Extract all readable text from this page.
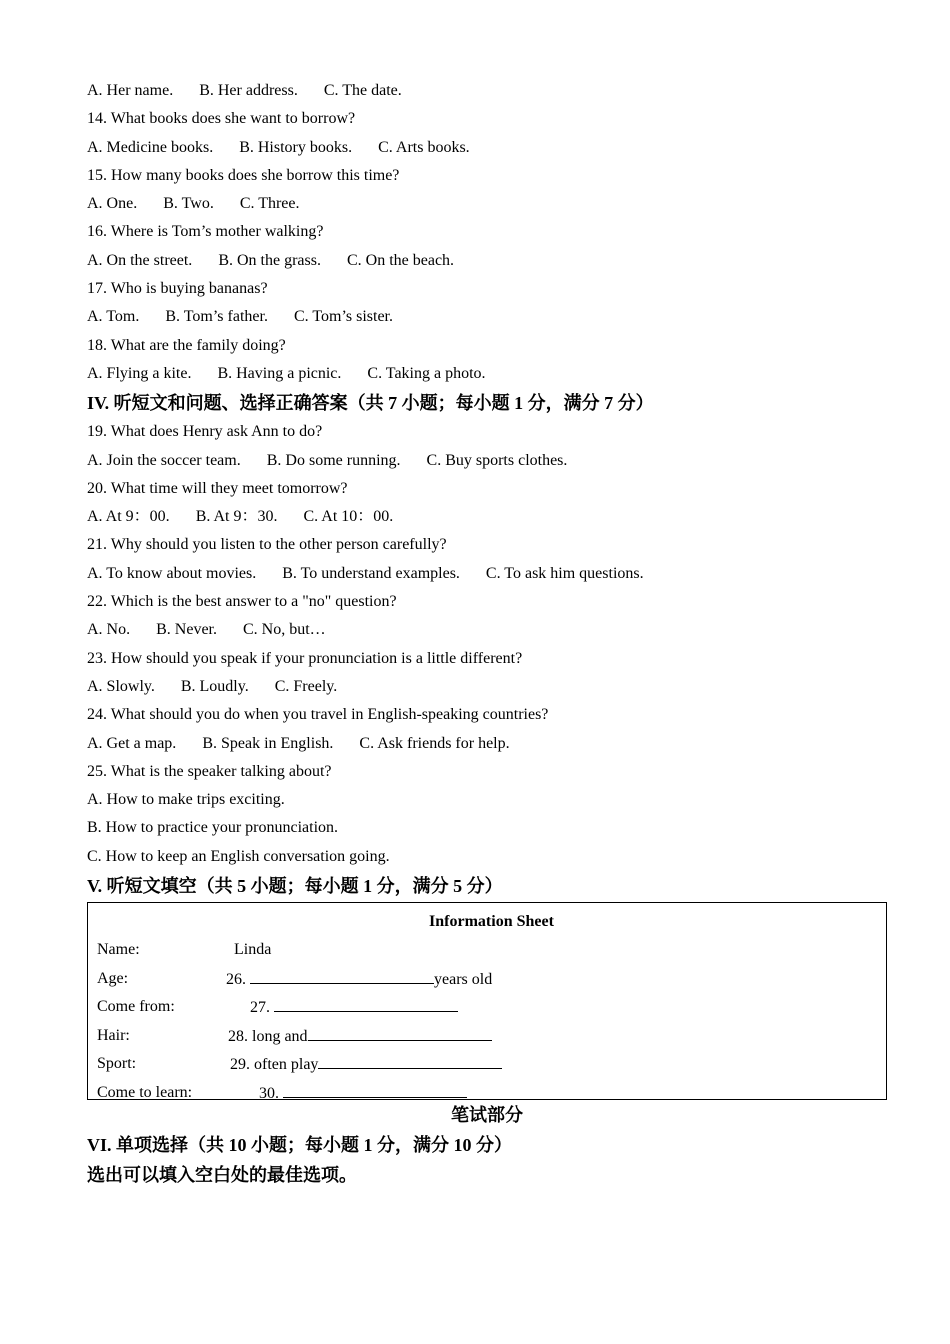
A. Her name. B. Her address. C. The date.
14. What books does she want to borrow?
A. Medicine books. B. History books. C. Arts books.
15. How many books does she borrow this time?
A. One. B. Two. C. Three.
16. Where is Tom’s mother walking?
A. On the street. B. On the grass. C. On the beach.
17. Who is buying bananas?
A. Tom. B. Tom’s father. C. Tom’s sister.
18. What are the family doing?
A. Flying a kite. B. Having a picnic. C. Taking a photo.
IV. 听短文和问题、选择正确答案（共 7 小题；每小题 1 分，满分 7 分）
19. What does Henry ask Ann to do?
A. Join the soccer team. B. Do some running. C. Buy sports clothes.
20. What time will they meet tomorrow?
A. At 9：00. B. At 9：30. C. At 10：00.
21. Why should you listen to the other person carefully?
A. To know about movies. B. To understand examples. C. To ask him questions.
22. Which is the best answer to a "no" question?
A. No. B. Never. C. No, but…
23. How should you speak if your pronunciation is a little different?
A. Slowly. B. Loudly. C. Freely.
24. What should you do when you travel in English-speaking countries?
A. Get a map. B. Speak in English. C. Ask friends for help.
25. What is the speaker talking about?
A. How to make trips exciting.
B. How to practice your pronunciation.
C. How to keep an English conversation going.
V. 听短文填空（共 5 小题；每小题 1 分，满分 5 分）
Information Sheet
Name:	Linda
Age:	26.	years old
Come from:	27.
Hair:	28. long and
Sport:	29. often play
Come to learn:	30.
笔试部分
VI. 单项选择（共 10 小题；每小题 1 分，满分 10 分）
选出可以填入空白处的最佳选项。
